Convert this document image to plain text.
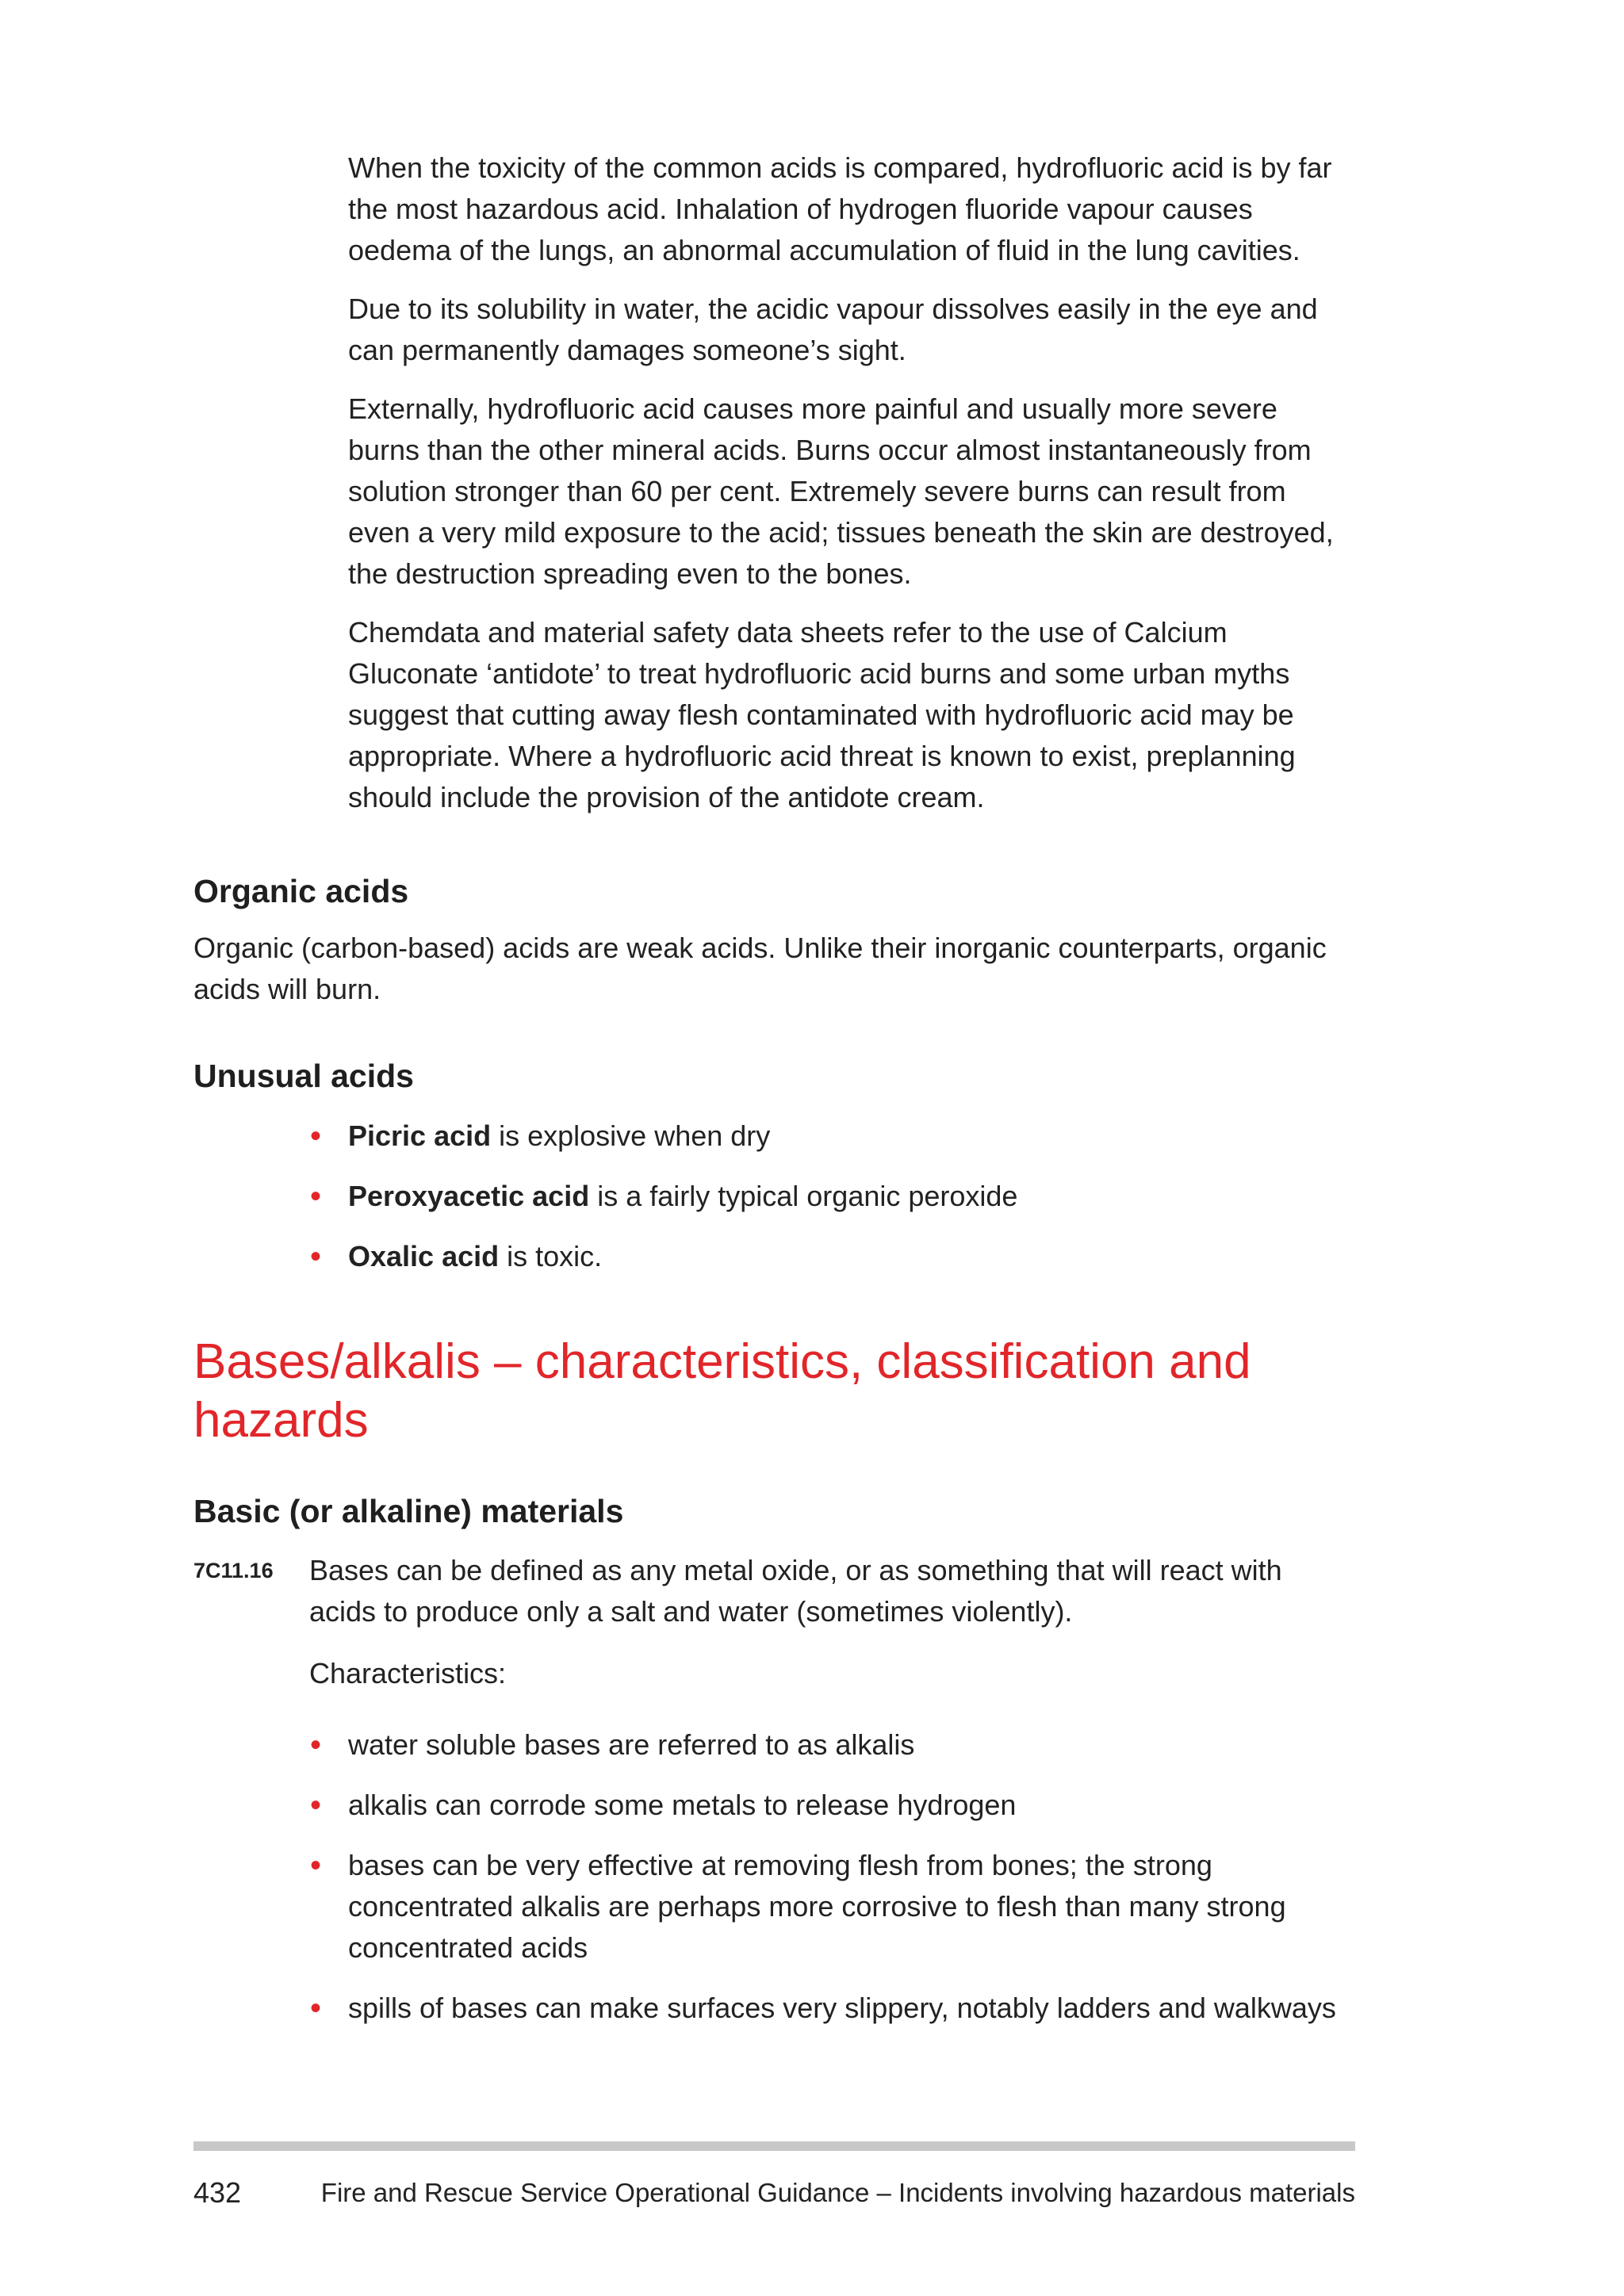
When the toxicity of the common acids is compared, hydrofluoric acid is by far the most hazardous acid. Inhalation of hydrogen fluoride vapour causes oedema of the lungs, an abnormal accumulation of fluid in the lung cavities.

Due to its solubility in water, the acidic vapour dissolves easily in the eye and can permanently damages someone’s sight.

Externally, hydrofluoric acid causes more painful and usually more severe burns than the other mineral acids. Burns occur almost instantaneously from solution stronger than 60 per cent. Extremely severe burns can result from even a very mild exposure to the acid; tissues beneath the skin are destroyed, the destruction spreading even to the bones.

Chemdata and material safety data sheets refer to the use of Calcium Gluconate ‘antidote’ to treat hydrofluoric acid burns and some urban myths suggest that cutting away flesh contaminated with hydrofluoric acid may be appropriate. Where a hydrofluoric acid threat is known to exist, preplanning should include the provision of the antidote cream.

Organic acids

Organic (carbon-based) acids are weak acids. Unlike their inorganic counterparts, organic acids will burn.

Unusual acids
• Picric acid is explosive when dry
• Peroxyacetic acid is a fairly typical organic peroxide
• Oxalic acid is toxic.
Bases/alkalis – characteristics, classification and
hazards
Basic (or alkaline) materials
7C11.16 Bases can be defined as any metal oxide, or as something that will react with acids to produce only a salt and water (sometimes violently).

Characteristics:

• water soluble bases are referred to as alkalis
• alkalis can corrode some metals to release hydrogen
• bases can be very effective at removing flesh from bones; the strong concentrated alkalis are perhaps more corrosive to flesh than many strong concentrated acids
• spills of bases can make surfaces very slippery, notably ladders and walkways
432	Fire and Rescue Service Operational Guidance – Incidents involving hazardous materials
